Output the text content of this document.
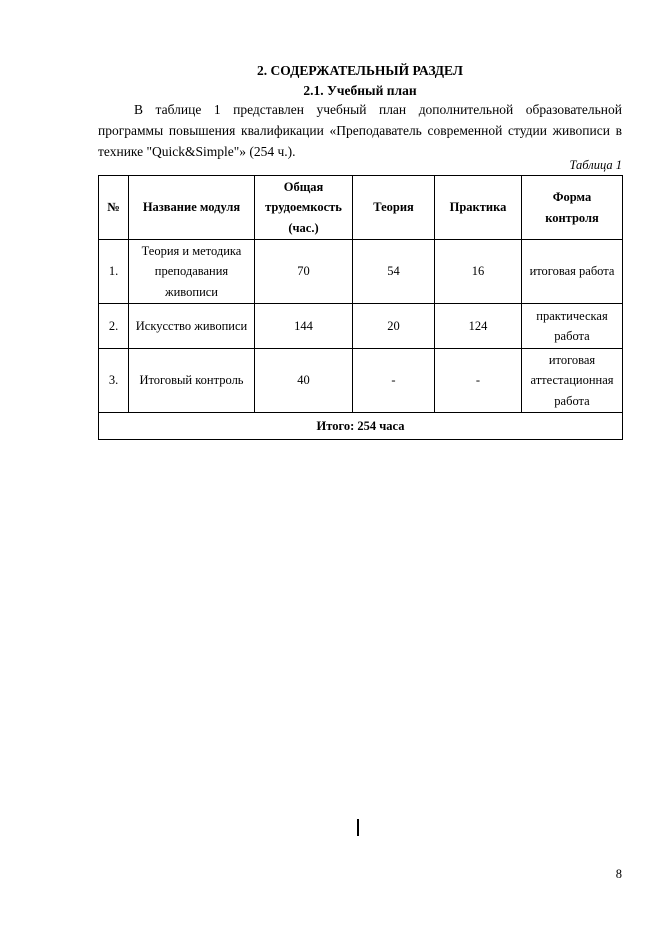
2. СОДЕРЖАТЕЛЬНЫЙ РАЗДЕЛ
2.1. Учебный план

В таблице 1 представлен учебный план дополнительной образовательной программы повышения квалификации «Преподаватель современной студии живописи в технике "Quick&Simple"» (254 ч.).

Таблица 1
№	Название модуля	Общая трудоемкость (час.)	Теория	Практика	Форма контроля
1.	Теория и методика преподавания живописи	70	54	16	итоговая работа
2.	Искусство живописи	144	20	124	практическая работа
3.	Итоговый контроль	40	-	-	итоговая аттестационная работа
Итого: 254 часа					
8
